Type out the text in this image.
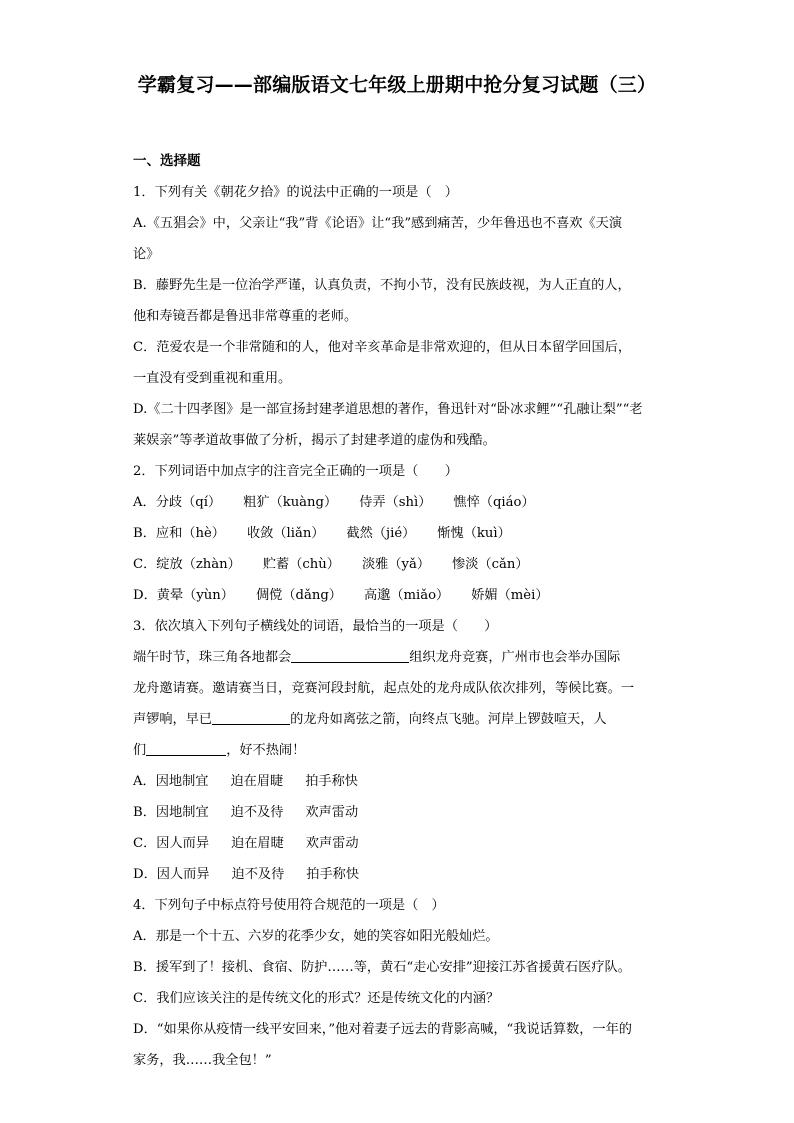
学霸复习——部编版语文七年级上册期中抢分复习试题（三）
一、选择题
1．下列有关《朝花夕拾》的说法中正确的一项是（　）
A.《五猖会》中，父亲让“我”背《论语》让“我”感到痛苦，少年鲁迅也不喜欢《天演
论》
B．藤野先生是一位治学严谨，认真负责，不拘小节，没有民族歧视，为人正直的人，
他和寿镜吾都是鲁迅非常尊重的老师。
C．范爱农是一个非常随和的人，他对辛亥革命是非常欢迎的，但从日本留学回国后，
一直没有受到重视和重用。
D.《二十四孝图》是一部宣扬封建孝道思想的著作，鲁迅针对“卧冰求鲤”“孔融让梨”“老
莱娱亲”等孝道故事做了分析，揭示了封建孝道的虚伪和残酷。
2．下列词语中加点字的注音完全正确的一项是（　　）
A．分歧（qí） 粗犷（kuàng） 侍弄（shì） 憔悴（qiáo）
B．应和（hè） 收敛（liǎn） 截然（jié） 惭愧（kuì）
C．绽放（zhàn） 贮蓄（chù） 淡雅（yǎ） 惨淡（cǎn）
D．黄晕（yùn） 倜傥（dǎng） 高邈（miǎo） 娇媚（mèi）
3．依次填入下列句子横线处的词语，最恰当的一项是（　　）
端午时节，珠三角各地都会	组织龙舟竞赛，广州市也会举办国际
龙舟邀请赛。邀请赛当日，竞赛河段封航，起点处的龙舟成队依次排列，等候比赛。一
声锣响，早已	的龙舟如离弦之箭，向终点飞驰。河岸上锣鼓喧天，人
们	，好不热闹！
A．因地制宜 迫在眉睫 拍手称快
B．因地制宜 迫不及待 欢声雷动
C．因人而异 迫在眉睫 欢声雷动
D．因人而异 迫不及待 拍手称快
4．下列句子中标点符号使用符合规范的一项是（　）
A．那是一个十五、六岁的花季少女，她的笑容如阳光般灿烂。
B．援军到了！接机、食宿、防护……等，黄石“走心安排”迎接江苏省援黄石医疗队。
C．我们应该关注的是传统文化的形式？还是传统文化的内涵？
D．“如果你从疫情一线平安回来，”他对着妻子远去的背影高喊，“我说话算数，一年的
家务，我……我全包！”
